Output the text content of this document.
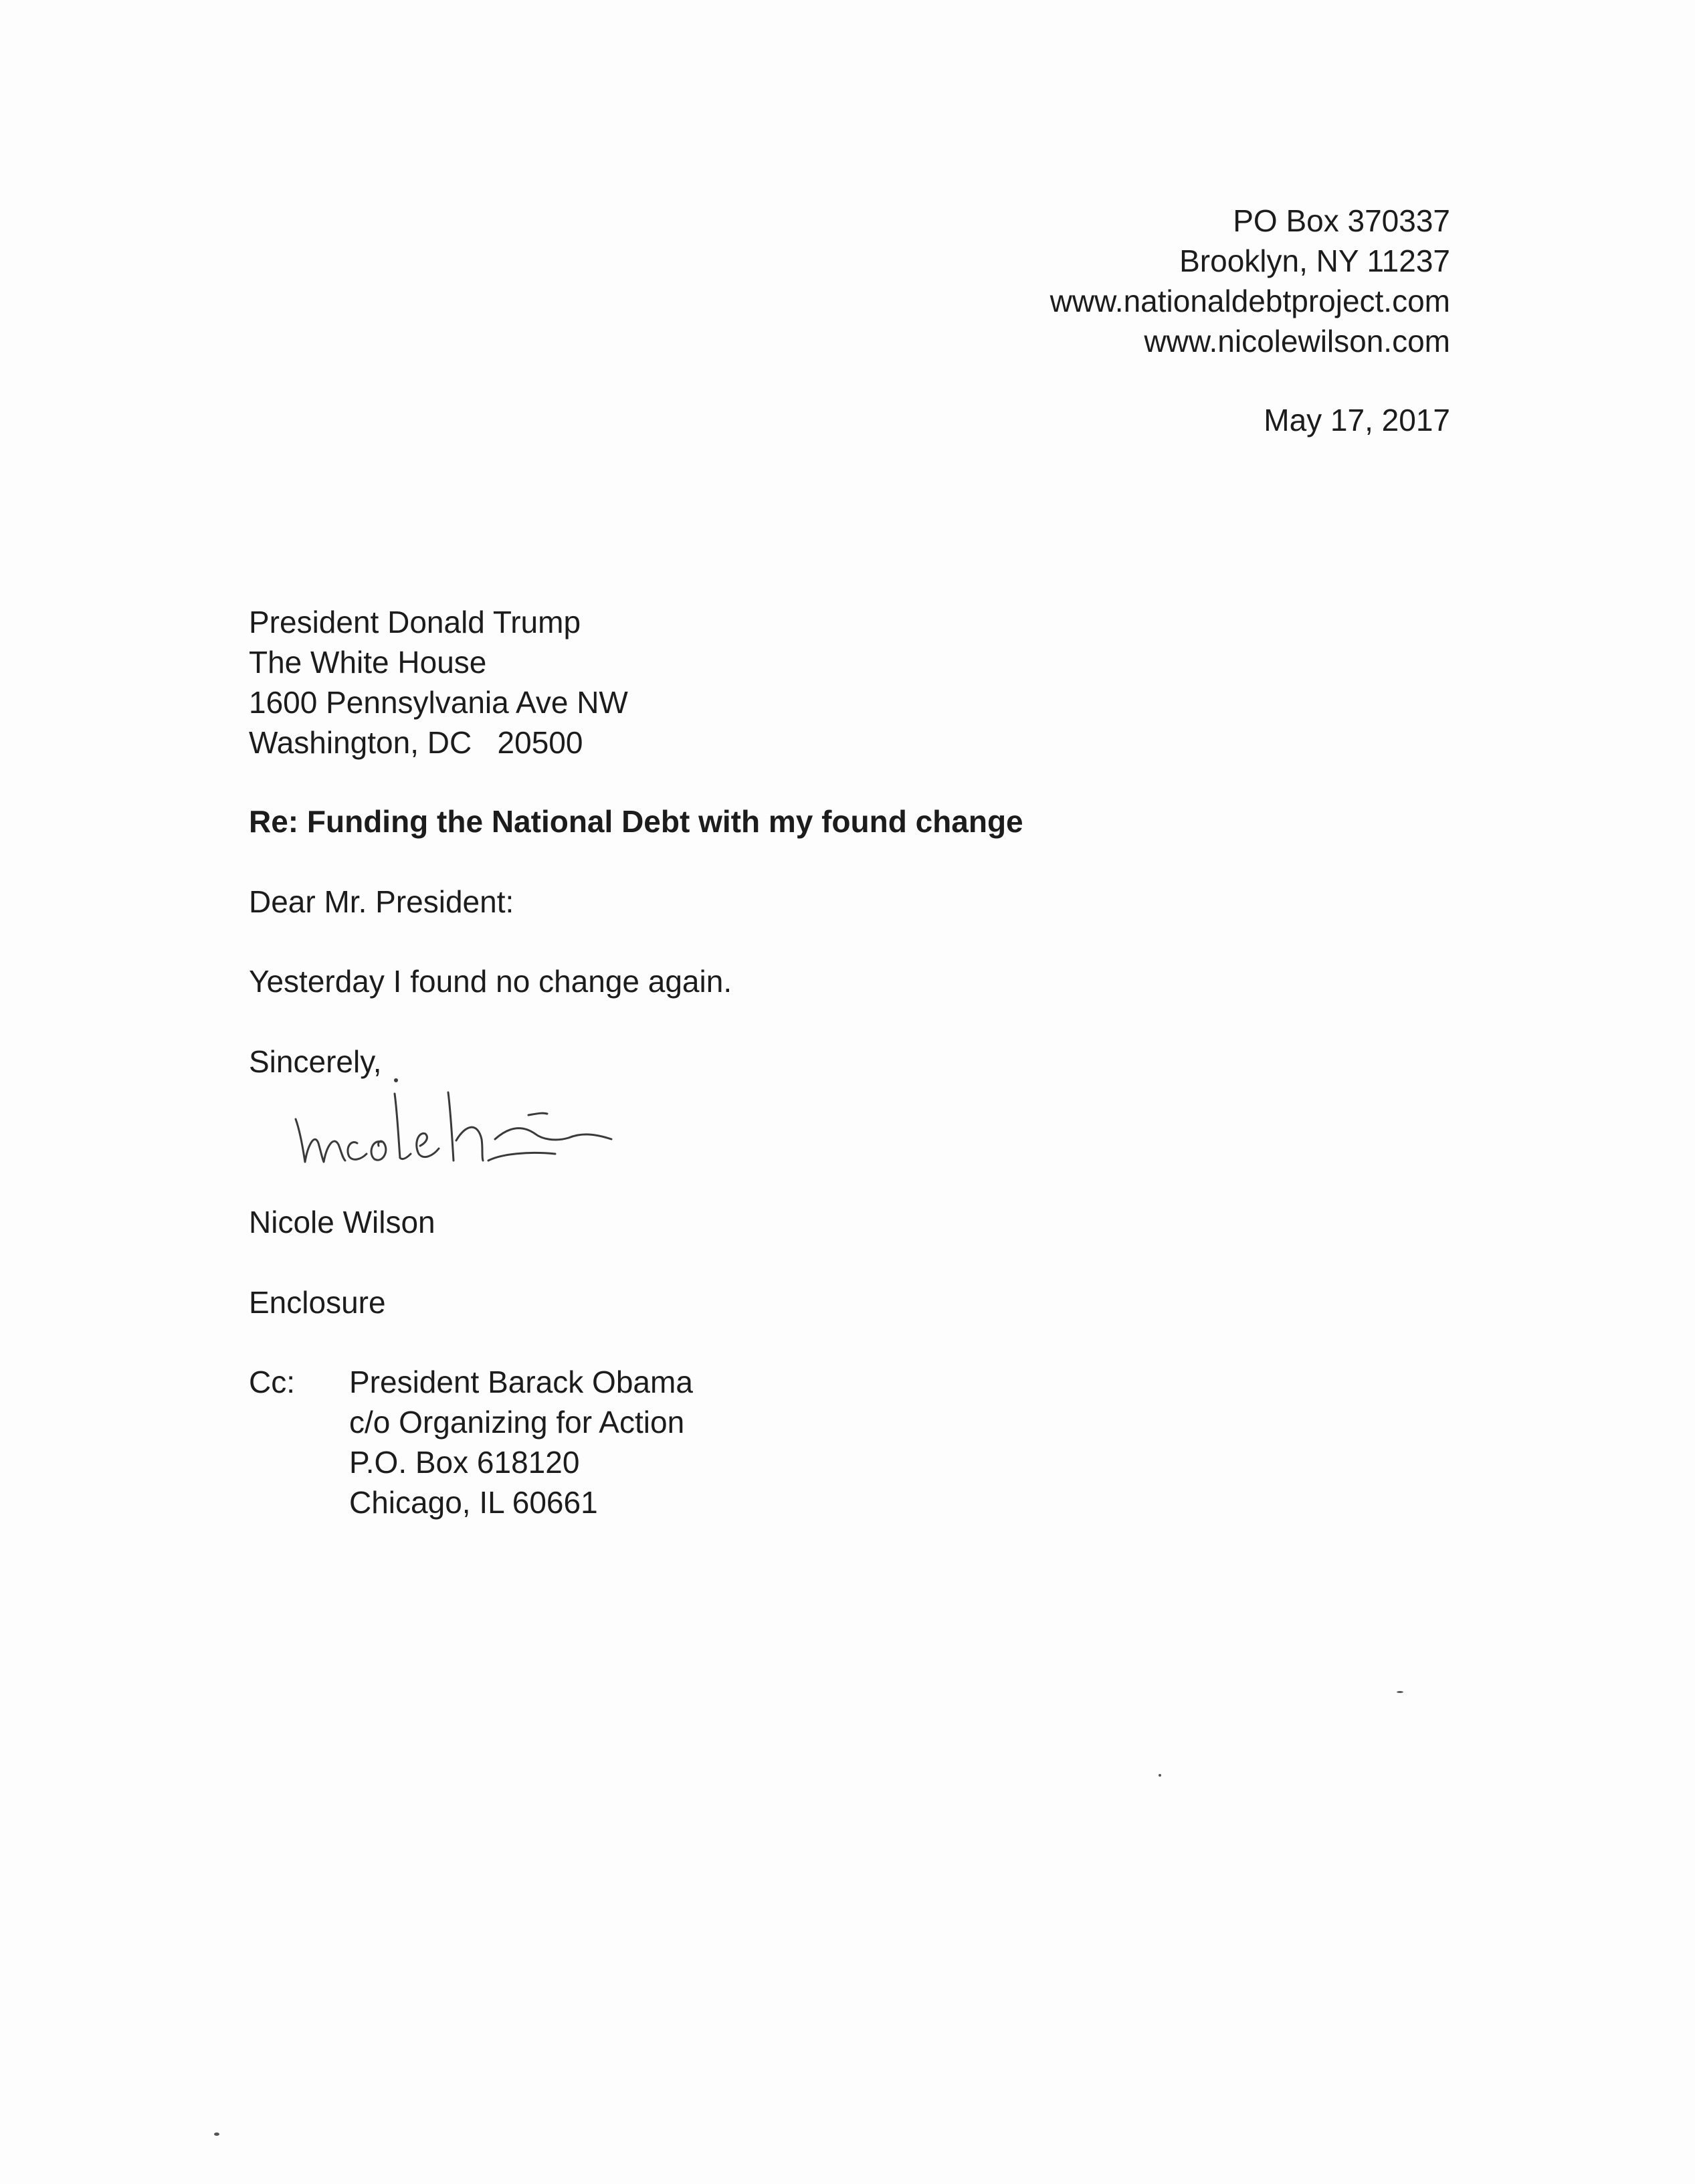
PO Box 370337
Brooklyn, NY 11237
www.nationaldebtproject.com
www.nicolewilson.com
May 17, 2017
President Donald Trump
The White House
1600 Pennsylvania Ave NW
Washington, DC   20500
Re: Funding the National Debt with my found change
Dear Mr. President:
Yesterday I found no change again.
Sincerely,
Nicole Wilson
Enclosure
Cc: President Barack Obama
c/o Organizing for Action
P.O. Box 618120
Chicago, IL 60661
